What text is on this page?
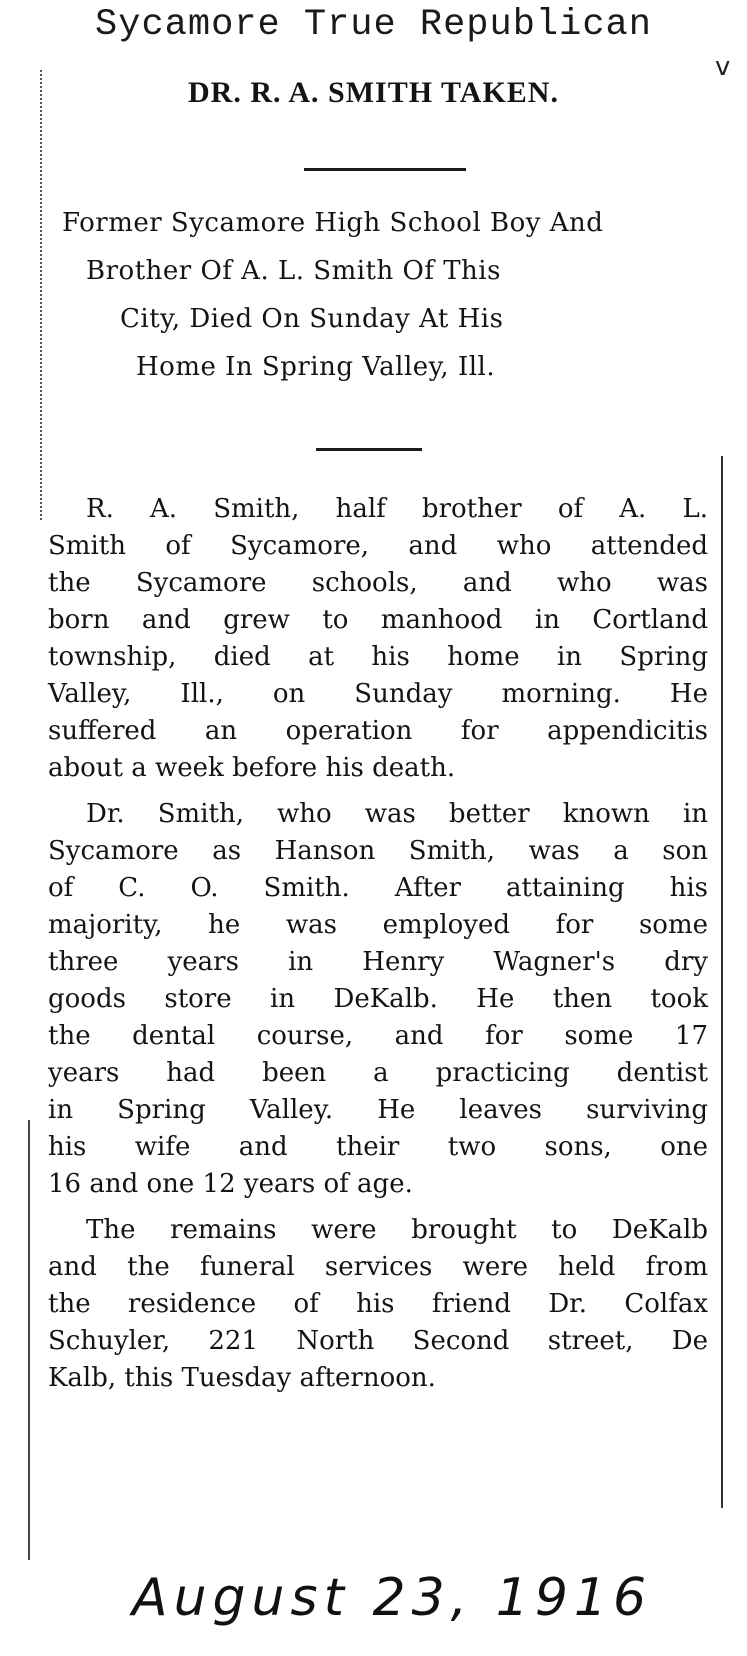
Sycamore True Republican
v
DR. R. A. SMITH TAKEN.
Former Sycamore High School Boy And
Brother Of A. L. Smith Of This
City, Died On Sunday At His
Home In Spring Valley, Ill.
R. A. Smith, half brother of A. L.
Smith of Sycamore, and who attended
the Sycamore schools, and who was
born and grew to manhood in Cortland
township, died at his home in Spring
Valley, Ill., on Sunday morning. He
suffered an operation for appendicitis
about a week before his death.
Dr. Smith, who was better known in
Sycamore as Hanson Smith, was a son
of C. O. Smith. After attaining his
majority, he was employed for some
three years in Henry Wagner's dry
goods store in DeKalb. He then took
the dental course, and for some 17
years had been a practicing dentist
in Spring Valley. He leaves surviving
his wife and their two sons, one
16 and one 12 years of age.
The remains were brought to DeKalb
and the funeral services were held from
the residence of his friend Dr. Colfax
Schuyler, 221 North Second street, De
Kalb, this Tuesday afternoon.
August 23, 1916
